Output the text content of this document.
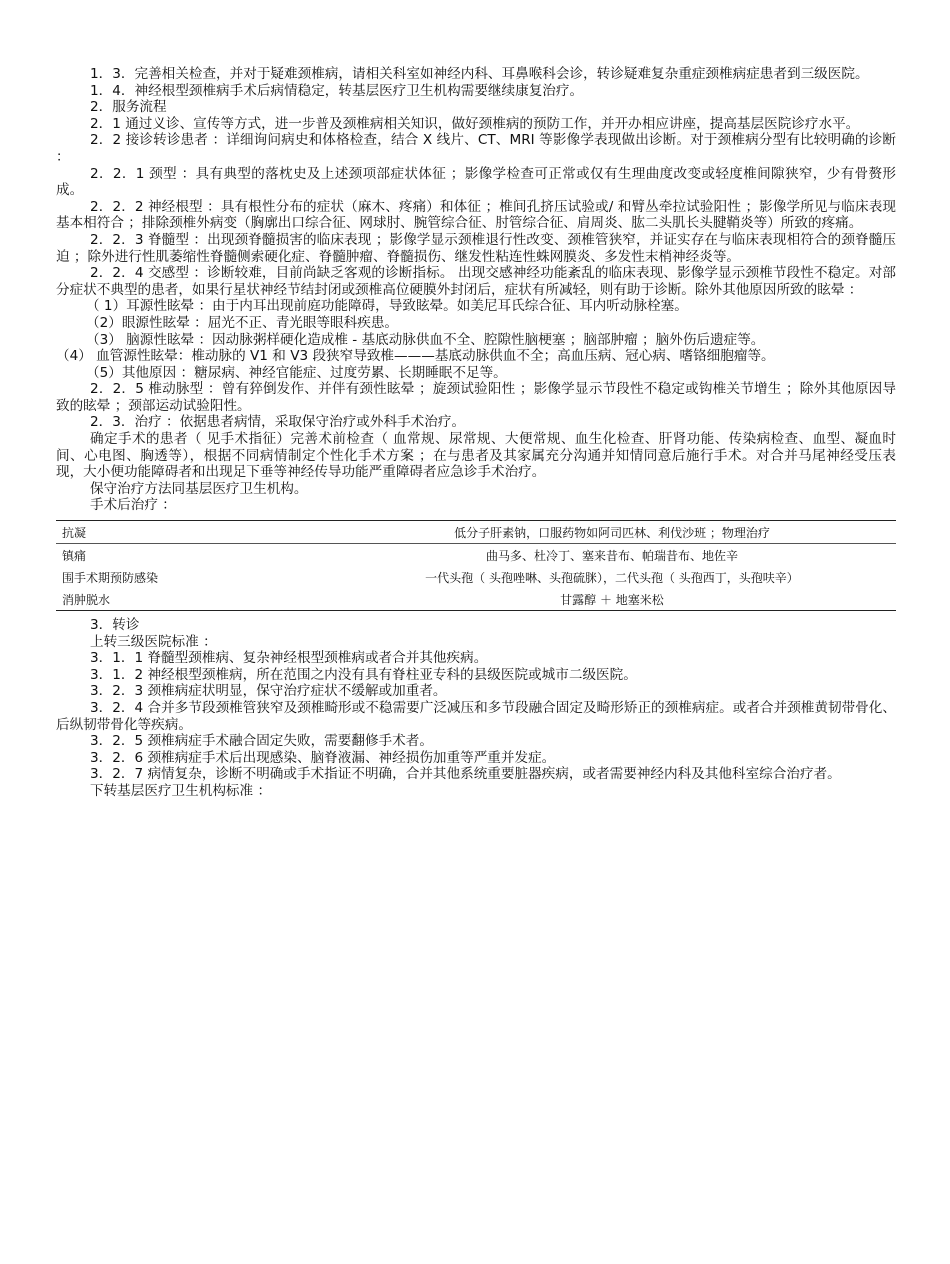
1．3．完善相关检查，并对于疑难颈椎病，请相关科室如神经内科、耳鼻喉科会诊，转诊疑难复杂重症颈椎病症患者到三级医院。

1．4．神经根型颈椎病手术后病情稳定，转基层医疗卫生机构需要继续康复治疗。

2．服务流程

2．1 通过义诊、宣传等方式，进一步普及颈椎病相关知识，做好颈椎病的预防工作，并开办相应讲座，提高基层医院诊疗水平。

2．2 接诊转诊患者 ：详细询问病史和体格检查，结合 X 线片、CT、MRI 等影像学表现做出诊断。对于颈椎病分型有比较明确的诊断 ：

2．2．1 颈型 ：具有典型的落枕史及上述颈项部症状体征 ；影像学检查可正常或仅有生理曲度改变或轻度椎间隙狭窄，少有骨赘形成。

2．2．2 神经根型 ：具有根性分布的症状（麻木、疼痛）和体征 ；椎间孔挤压试验或/ 和臂丛牵拉试验阳性 ；影像学所见与临床表现基本相符合 ；排除颈椎外病变（胸廓出口综合征、网球肘、腕管综合征、肘管综合征、肩周炎、肱二头肌长头腱鞘炎等）所致的疼痛。

2．2．3 脊髓型 ：出现颈脊髓损害的临床表现 ；影像学显示颈椎退行性改变、颈椎管狭窄，并证实存在与临床表现相符合的颈脊髓压迫 ；除外进行性肌萎缩性脊髓侧索硬化症、脊髓肿瘤、脊髓损伤、继发性粘连性蛛网膜炎、多发性末梢神经炎等。

2．2．4 交感型 ：诊断较难，目前尚缺乏客观的诊断指标。 出现交感神经功能紊乱的临床表现、影像学显示颈椎节段性不稳定。对部分症状不典型的患者，如果行星状神经节结封闭或颈椎高位硬膜外封闭后，症状有所减轻，则有助于诊断。除外其他原因所致的眩晕 ：

（ 1）耳源性眩晕 ：由于内耳出现前庭功能障碍，导致眩晕。如美尼耳氏综合征、耳内听动脉栓塞。

（2）眼源性眩晕 ：屈光不正、青光眼等眼科疾患。

（3） 脑源性眩晕 ：因动脉粥样硬化造成椎 - 基底动脉供血不全、腔隙性脑梗塞 ；脑部肿瘤 ；脑外伤后遗症等。

（4） 血管源性眩晕：椎动脉的 V1 和 V3 段狭窄导致椎———基底动脉供血不全；高血压病、冠心病、嗜铬细胞瘤等。

（5）其他原因 ：糖尿病、神经官能症、过度劳累、长期睡眠不足等。

2．2．5 椎动脉型 ：曾有猝倒发作、并伴有颈性眩晕 ；旋颈试验阳性 ；影像学显示节段性不稳定或钩椎关节增生 ；除外其他原因导致的眩晕 ；颈部运动试验阳性。

2．3．治疗 ：依据患者病情，采取保守治疗或外科手术治疗。

确定手术的患者（ 见手术指征）完善术前检查（ 血常规、尿常规、大便常规、血生化检查、肝肾功能、传染病检查、血型、凝血时间、心电图、胸透等），根据不同病情制定个性化手术方案 ；在与患者及其家属充分沟通并知情同意后施行手术。对合并马尾神经受压表现，大小便功能障碍者和出现足下垂等神经传导功能严重障碍者应急诊手术治疗。

保守治疗方法同基层医疗卫生机构。

手术后治疗 ：

抗凝	低分子肝素钠，口服药物如阿司匹林、利伐沙班 ；物理治疗
镇痛	曲马多、杜冷丁、塞来昔布、帕瑞昔布、地佐辛
围手术期预防感染	一代头孢（ 头孢唑啉、头孢硫脒），二代头孢（ 头孢西丁，头孢呋辛）
消肿脱水	甘露醇 ＋ 地塞米松

3．转诊

上转三级医院标准 ：

3．1．1 脊髓型颈椎病、复杂神经根型颈椎病或者合并其他疾病。

3．1．2 神经根型颈椎病，所在范围之内没有具有脊柱亚专科的县级医院或城市二级医院。

3．2．3 颈椎病症状明显，保守治疗症状不缓解或加重者。

3．2．4 合并多节段颈椎管狭窄及颈椎畸形或不稳需要广泛减压和多节段融合固定及畸形矫正的颈椎病症。或者合并颈椎黄韧带骨化、后纵韧带骨化等疾病。

3．2．5 颈椎病症手术融合固定失败，需要翻修手术者。

3．2．6 颈椎病症手术后出现感染、脑脊液漏、神经损伤加重等严重并发症。

3．2．7 病情复杂，诊断不明确或手术指证不明确，合并其他系统重要脏器疾病，或者需要神经内科及其他科室综合治疗者。

下转基层医疗卫生机构标准 ：
